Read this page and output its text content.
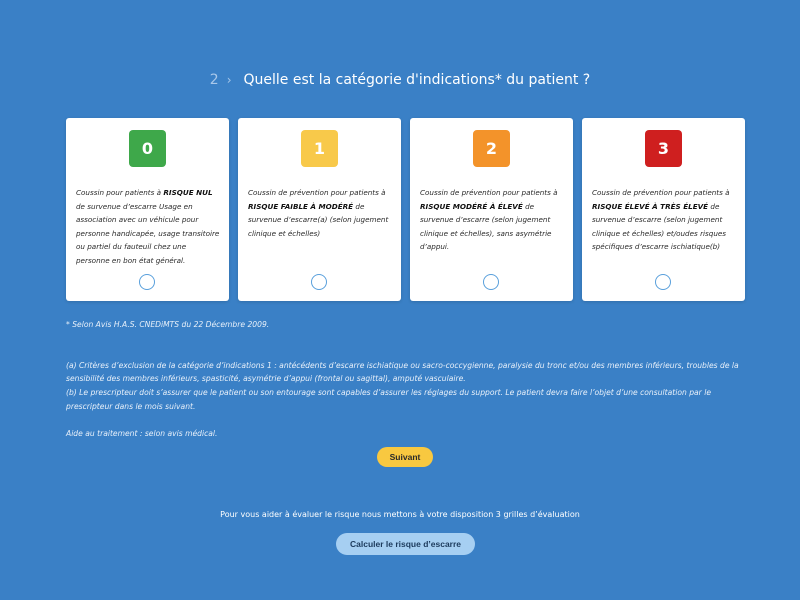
2 › Quelle est la catégorie d'indications* du patient ?
0
Coussin pour patients à RISQUE NUL de survenue d’escarre Usage en association avec un véhicule pour personne handicapée, usage transitoire ou partiel du fauteuil chez une personne en bon état général.
1
Coussin de prévention pour patients à RISQUE FAIBLE À MODÉRÉ de survenue d’escarre(a) (selon jugement clinique et échelles)
2
Coussin de prévention pour patients à RISQUE MODÉRÉ À ÉLEVÉ de survenue d’escarre (selon jugement clinique et échelles), sans asymétrie d’appui.
3
Coussin de prévention pour patients à RISQUE ÉLEVÉ À TRÈS ÉLEVÉ de survenue d’escarre (selon jugement clinique et échelles) et/oudes risques spécifiques d’escarre ischiatique(b)

* Selon Avis H.A.S. CNEDiMTS du 22 Décembre 2009.

(a) Critères d’exclusion de la catégorie d’indications 1 : antécédents d’escarre ischiatique ou sacro-coccygienne, paralysie du tronc et/ou des membres inférieurs, troubles de la sensibilité des membres inférieurs, spasticité, asymétrie d’appui (frontal ou sagittal), amputé vasculaire.

(b) Le prescripteur doit s’assurer que le patient ou son entourage sont capables d’assurer les réglages du support. Le patient devra faire l’objet d’une consultation par le prescripteur dans le mois suivant.

Aide au traitement : selon avis médical.

Suivant
Pour vous aider à évaluer le risque nous mettons à votre disposition 3 grilles d’évaluation
Calculer le risque d’escarre
